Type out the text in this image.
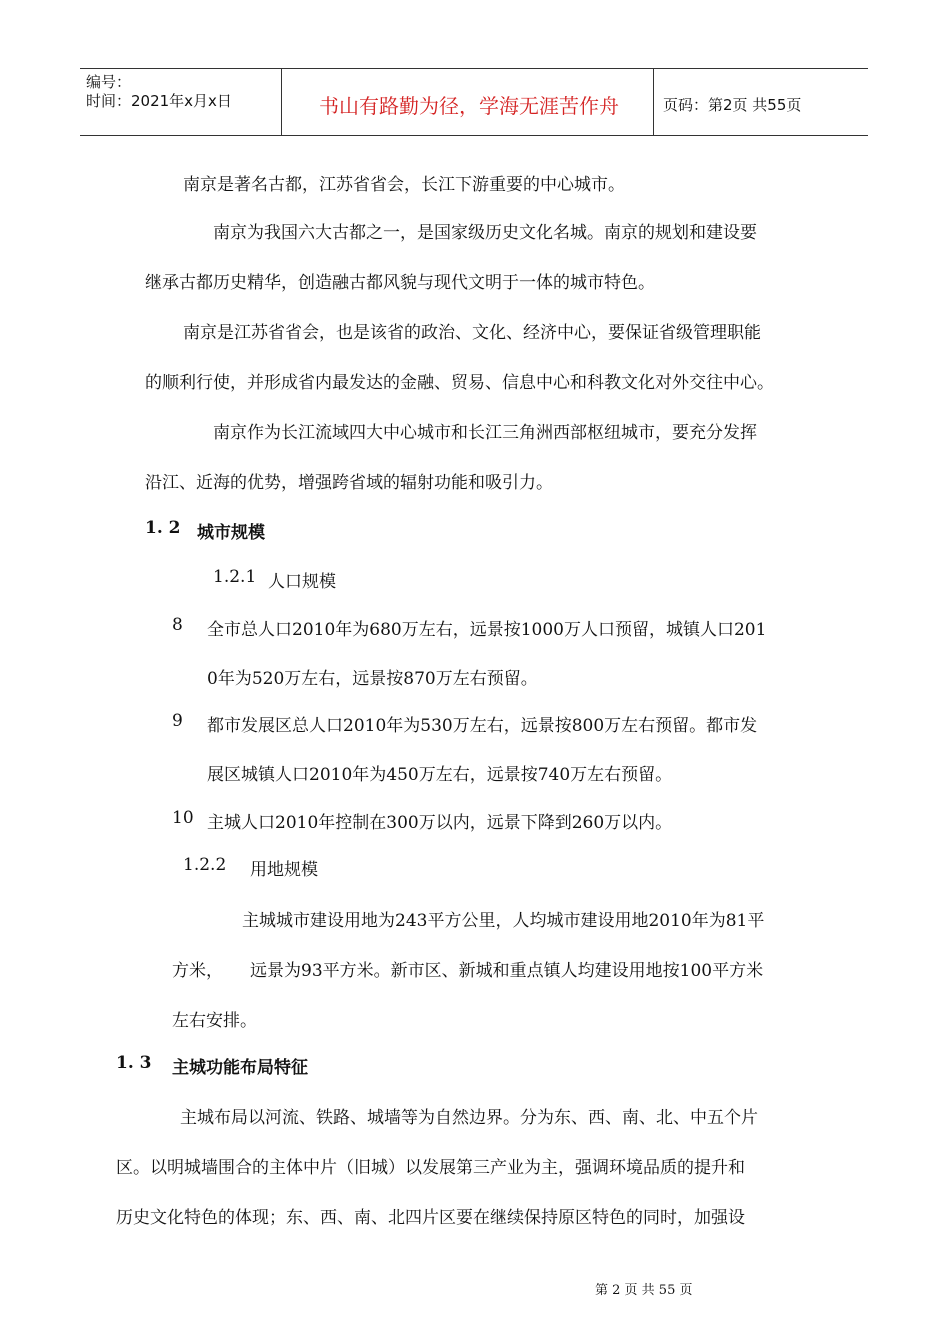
编号：
时间：2021年x月x日	书山有路勤为径，学海无涯苦作舟	页码：第2页 共55页
南京是著名古都，江苏省省会，长江下游重要的中心城市。
南京为我国六大古都之一，是国家级历史文化名城。南京的规划和建设要
继承古都历史精华，创造融古都风貌与现代文明于一体的城市特色。
南京是江苏省省会，也是该省的政治、文化、经济中心，要保证省级管理职能
的顺利行使，并形成省内最发达的金融、贸易、信息中心和科教文化对外交往中心。
南京作为长江流域四大中心城市和长江三角洲西部枢纽城市，要充分发挥
沿江、近海的优势，增强跨省域的辐射功能和吸引力。
1. 2 城市规模
1.2.1 人口规模
8 全市总人口2010年为680万左右，远景按1000万人口预留，城镇人口201
0年为520万左右，远景按870万左右预留。
9 都市发展区总人口2010年为530万左右，远景按800万左右预留。都市发
展区城镇人口2010年为450万左右，远景按740万左右预留。
10 主城人口2010年控制在300万以内，远景下降到260万以内。
1.2.2 用地规模
主城城市建设用地为243平方公里，人均城市建设用地2010年为81平
方米， 远景为93平方米。新市区、新城和重点镇人均建设用地按100平方米
左右安排。
1. 3 主城功能布局特征
主城布局以河流、铁路、城墙等为自然边界。分为东、西、南、北、中五个片
区。以明城墙围合的主体中片（旧城）以发展第三产业为主，强调环境品质的提升和
历史文化特色的体现；东、西、南、北四片区要在继续保持原区特色的同时，加强设
第 2 页 共 55 页
